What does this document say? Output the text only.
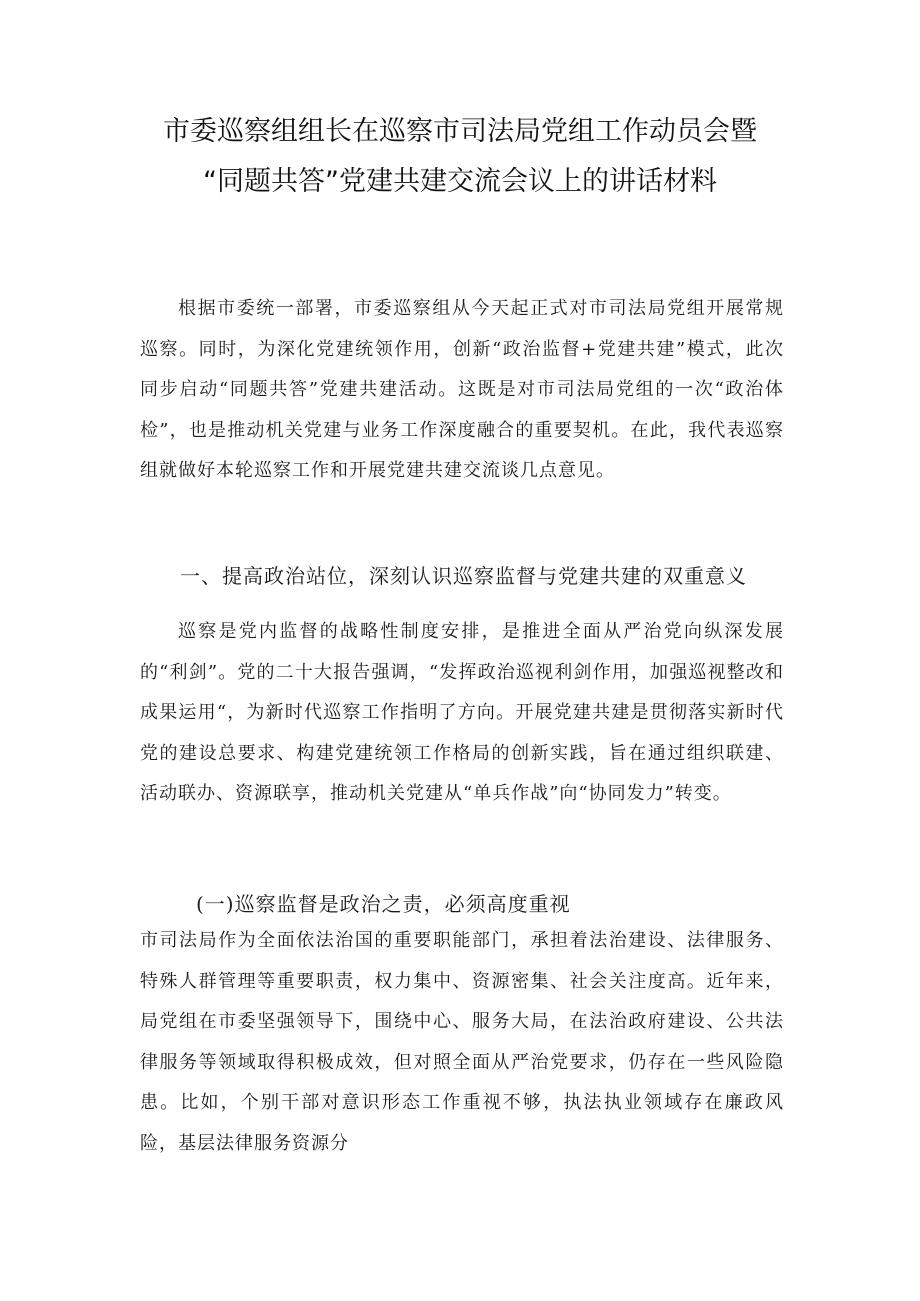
市委巡察组组长在巡察市司法局党组工作动员会暨
“同题共答”党建共建交流会议上的讲话材料

根据市委统一部署，市委巡察组从今天起正式对市司法局党组开展常规巡察。同时，为深化党建统领作用，创新“政治监督+党建共建”模式，此次同步启动“同题共答”党建共建活动。这既是对市司法局党组的一次“政治体检”，也是推动机关党建与业务工作深度融合的重要契机。在此，我代表巡察组就做好本轮巡察工作和开展党建共建交流谈几点意见。

一、提高政治站位，深刻认识巡察监督与党建共建的双重意义

巡察是党内监督的战略性制度安排，是推进全面从严治党向纵深发展的“利剑”。党的二十大报告强调，“发挥政治巡视利剑作用，加强巡视整改和成果运用“，为新时代巡察工作指明了方向。开展党建共建是贯彻落实新时代党的建设总要求、构建党建统领工作格局的创新实践，旨在通过组织联建、活动联办、资源联享，推动机关党建从“单兵作战”向“协同发力”转变。

(一)巡察监督是政治之责，必须高度重视

市司法局作为全面依法治国的重要职能部门，承担着法治建设、法律服务、特殊人群管理等重要职责，权力集中、资源密集、社会关注度高。近年来，局党组在市委坚强领导下，围绕中心、服务大局，在法治政府建设、公共法律服务等领域取得积极成效，但对照全面从严治党要求，仍存在一些风险隐患。比如，个别干部对意识形态工作重视不够，执法执业领域存在廉政风险，基层法律服务资源分
